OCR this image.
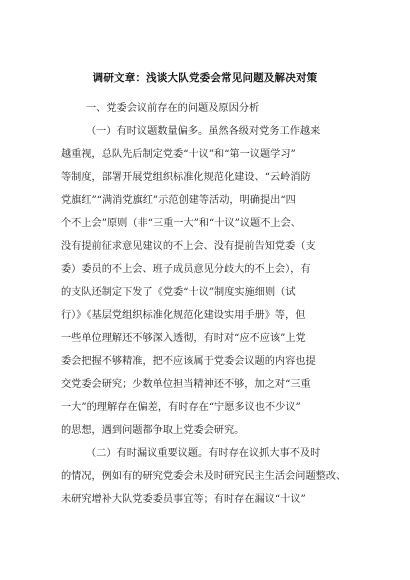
调研文章：浅谈大队党委会常见问题及解决对策
一、党委会议前存在的问题及原因分析
（一）有时议题数量偏多。虽然各级对党务工作越来
越重视，总队先后制定党委“十议”和“第一议题学习”
等制度，部署开展党组织标准化规范化建设、“云岭消防
党旗红”“满消党旗红”示范创建等活动，明确提出“四
个不上会”原则（非“三重一大”和“十议”议题不上会、
没有提前征求意见建议的不上会、没有提前告知党委（支
委）委员的不上会、班子成员意见分歧大的不上会），有
的支队还制定下发了《党委“十议”制度实施细则（试
行）》《基层党组织标准化规范化建设实用手册》等，但
一些单位理解还不够深入透彻，有时对“应不应该”上党
委会把握不够精准，把不应该属于党委会议题的内容也提
交党委会研究；少数单位担当精神还不够，加之对“三重
一大”的理解存在偏差，有时存在“宁愿多议也不少议”
的思想，遇到问题都争取上党委会研究。
（二）有时漏议重要议题。有时存在议抓大事不及时
的情况，例如有的研究党委会未及时研究民主生活会问题整改、
未研究增补大队党委委员事宜等；有时存在漏议“十议”
